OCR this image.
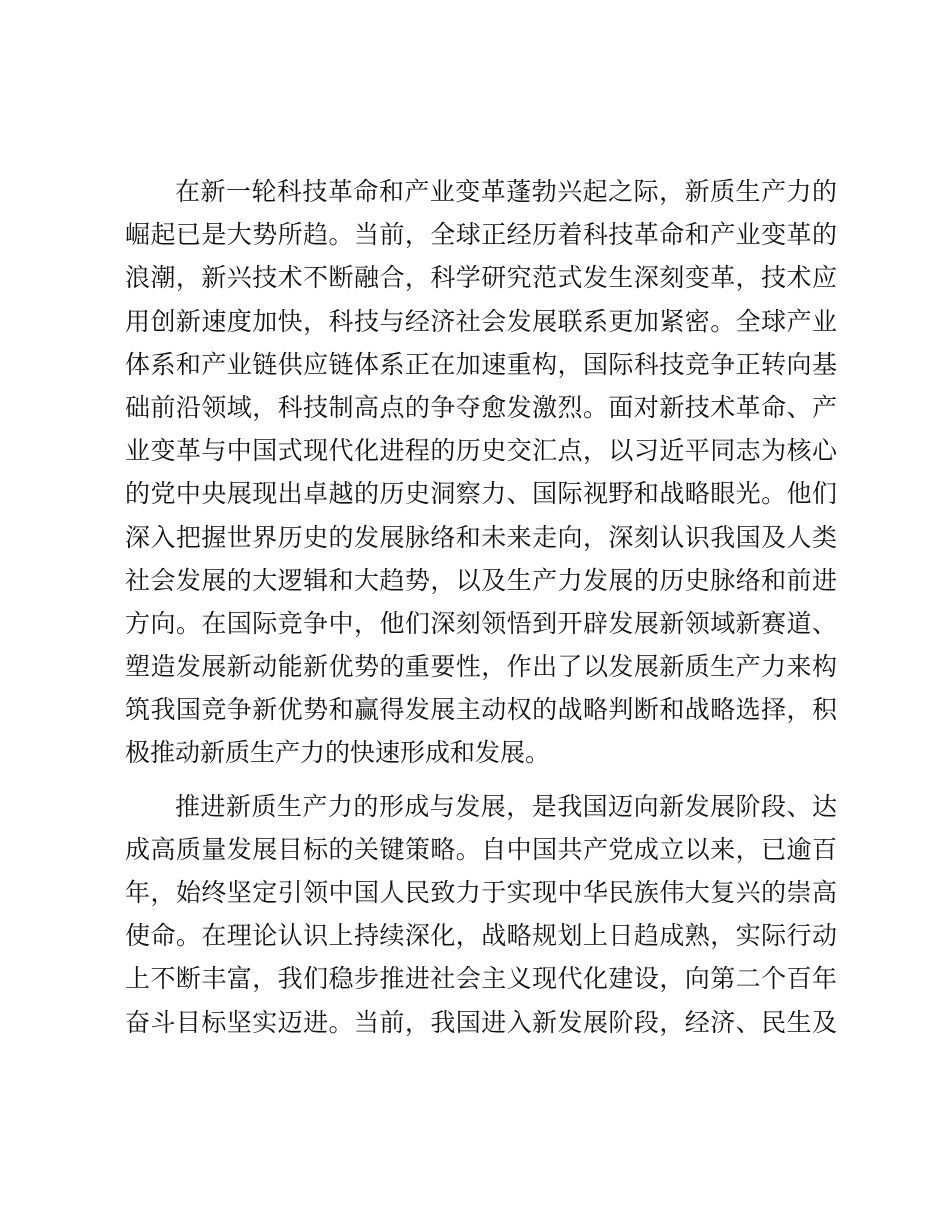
在新一轮科技革命和产业变革蓬勃兴起之际，新质生产力的
崛起已是大势所趋。当前，全球正经历着科技革命和产业变革的
浪潮，新兴技术不断融合，科学研究范式发生深刻变革，技术应
用创新速度加快，科技与经济社会发展联系更加紧密。全球产业
体系和产业链供应链体系正在加速重构，国际科技竞争正转向基
础前沿领域，科技制高点的争夺愈发激烈。面对新技术革命、产
业变革与中国式现代化进程的历史交汇点，以习近平同志为核心
的党中央展现出卓越的历史洞察力、国际视野和战略眼光。他们
深入把握世界历史的发展脉络和未来走向，深刻认识我国及人类
社会发展的大逻辑和大趋势，以及生产力发展的历史脉络和前进
方向。在国际竞争中，他们深刻领悟到开辟发展新领域新赛道、
塑造发展新动能新优势的重要性，作出了以发展新质生产力来构
筑我国竞争新优势和赢得发展主动权的战略判断和战略选择，积
极推动新质生产力的快速形成和发展。
推进新质生产力的形成与发展，是我国迈向新发展阶段、达
成高质量发展目标的关键策略。自中国共产党成立以来，已逾百
年，始终坚定引领中国人民致力于实现中华民族伟大复兴的崇高
使命。在理论认识上持续深化，战略规划上日趋成熟，实际行动
上不断丰富，我们稳步推进社会主义现代化建设，向第二个百年
奋斗目标坚实迈进。当前，我国进入新发展阶段，经济、民生及
